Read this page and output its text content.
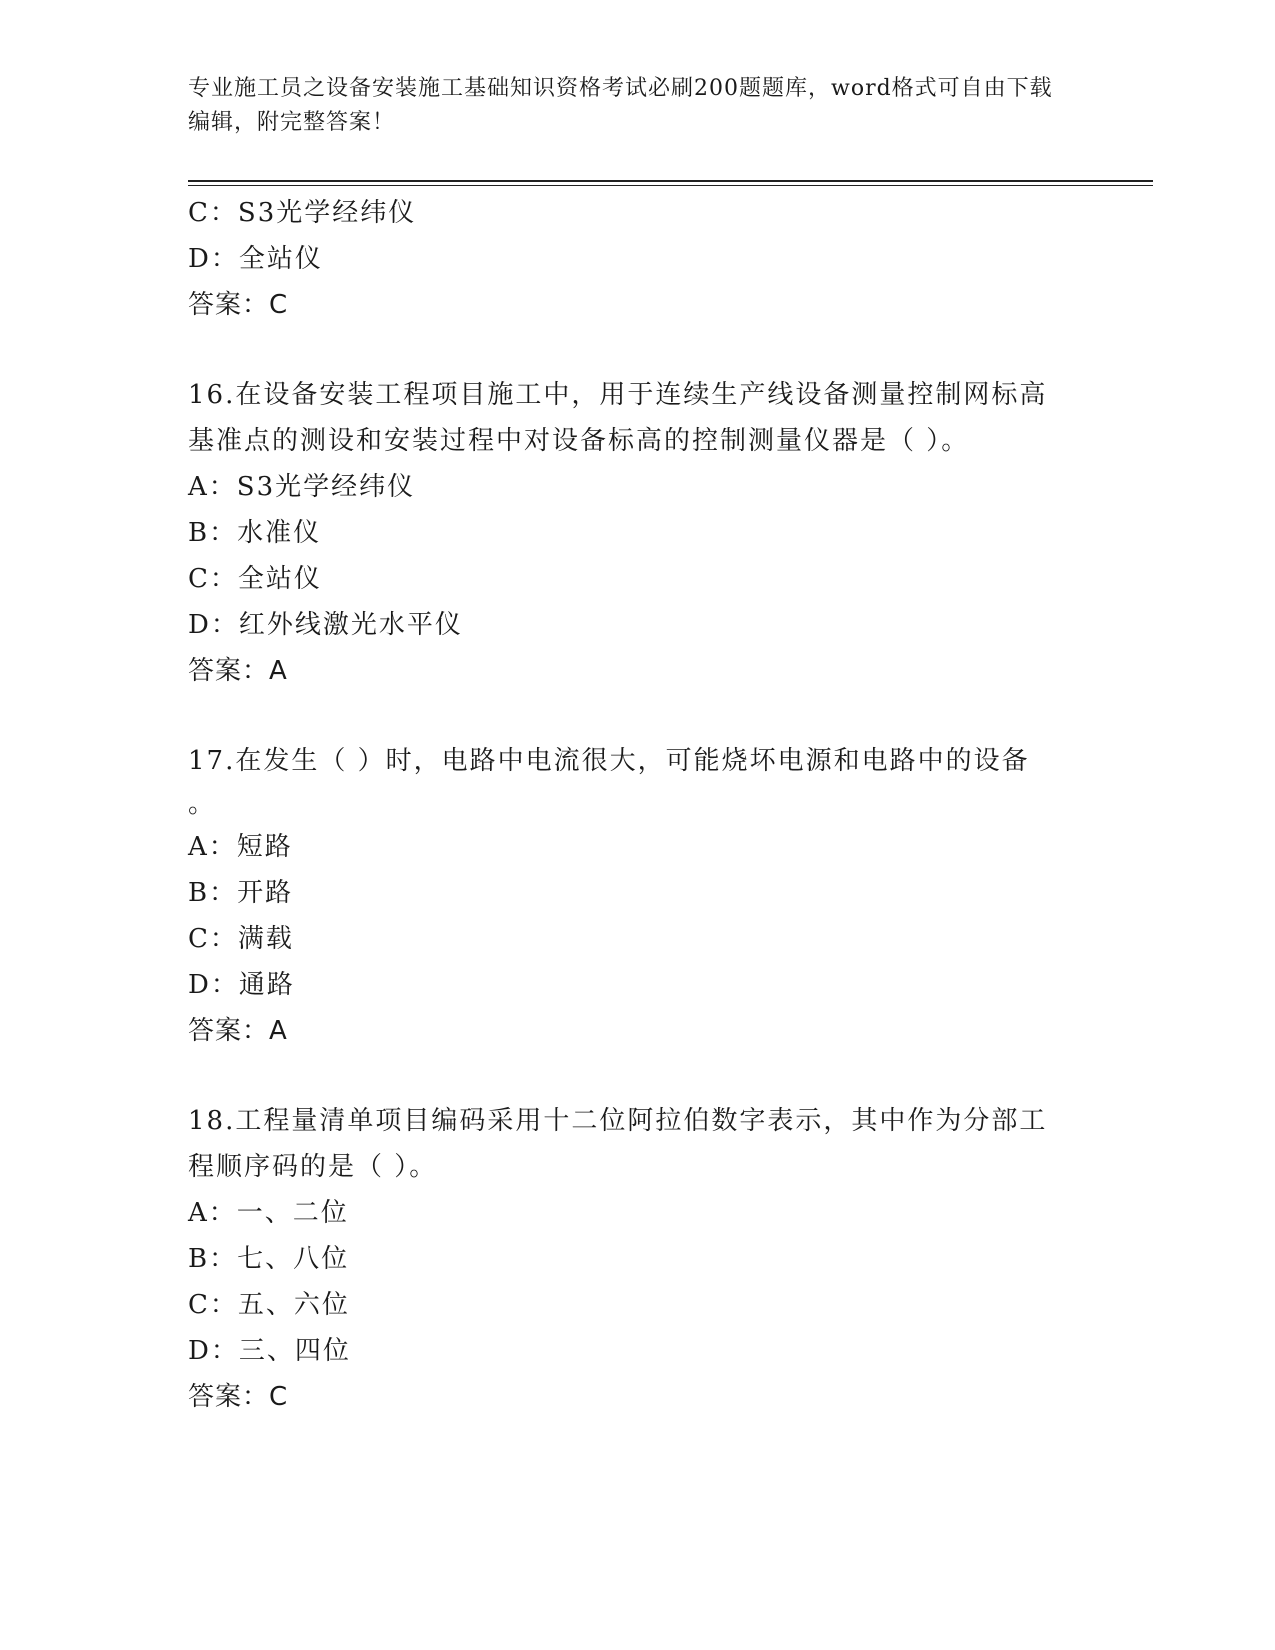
专业施工员之设备安装施工基础知识资格考试必刷200题题库，word格式可自由下载编辑，附完整答案！
C：S3光学经纬仪
D：全站仪
答案：C
16.在设备安装工程项目施工中，用于连续生产线设备测量控制网标高
基准点的测设和安装过程中对设备标高的控制测量仪器是（ ）。
A：S3光学经纬仪
B：水准仪
C：全站仪
D：红外线激光水平仪
答案：A
17.在发生（ ）时，电路中电流很大，可能烧坏电源和电路中的设备
。
A：短路
B：开路
C：满载
D：通路
答案：A
18.工程量清单项目编码采用十二位阿拉伯数字表示，其中作为分部工
程顺序码的是（ ）。
A：一、二位
B：七、八位
C：五、六位
D：三、四位
答案：C
